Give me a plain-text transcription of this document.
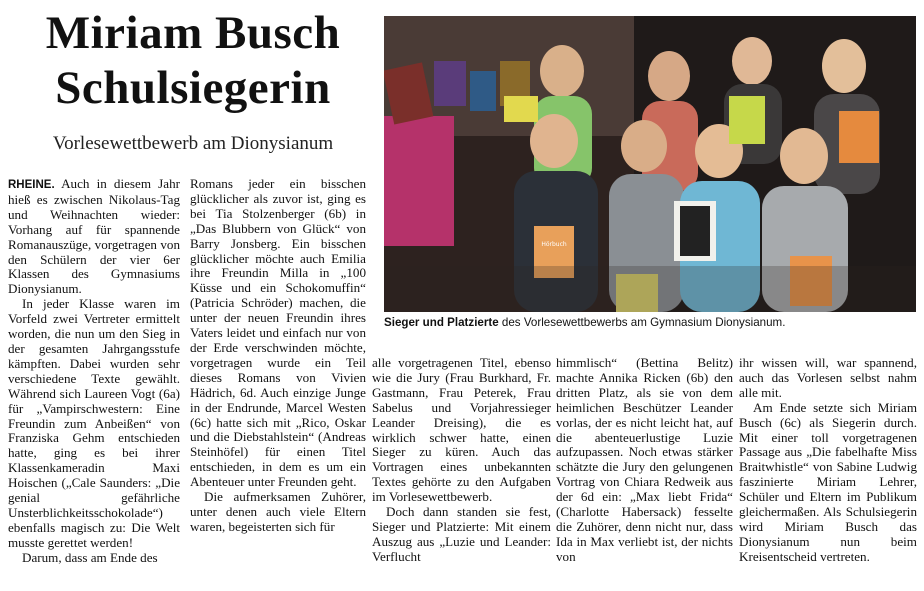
Miriam Busch
Schulsiegerin
Vorlesewettbewerb am Dionysianum

RHEINE. Auch in diesem Jahr hieß es zwischen Nikolaus-Tag und Weihnachten wieder: Vorhang auf für spannende Romanauszüge, vorgetragen von den Schülern der vier 6er Klassen des Gymnasiums Dionysianum.

In jeder Klasse waren im Vorfeld zwei Vertreter ermittelt worden, die nun um den Sieg in der gesamten Jahrgangsstufe kämpften. Dabei wurden sehr verschiedene Texte gewählt. Während sich Laureen Vogt (6a) für „Vampirschwestern: Eine Freundin zum Anbeißen“ von Franziska Gehm entschieden hatte, ging es bei ihrer Klassenkameradin Maxi Hoischen („Cale Saunders: „Die genial gefährliche Unsterblichkeitsschokolade“) ebenfalls magisch zu: Die Welt musste gerettet werden!

Darum, dass am Ende des

Romans jeder ein bisschen glücklicher als zuvor ist, ging es bei Tia Stolzenberger (6b) in „Das Blubbern von Glück“ von Barry Jonsberg. Ein bisschen glücklicher möchte auch Emilia ihre Freundin Milla in „100 Küsse und ein Schokomuffin“ (Patricia Schröder) machen, die unter der neuen Freundin ihres Vaters leidet und einfach nur von der Erde verschwinden möchte, vorgetragen wurde ein Teil dieses Romans von Vivien Hädrich, 6d. Auch einzige Junge in der Endrunde, Marcel Westen (6c) hatte sich mit „Rico, Oskar und die Diebstahlstein“ (Andreas Steinhöfel) für einen Titel entschieden, in dem es um ein Abenteuer unter Freunden geht.

Die aufmerksamen Zuhörer, unter denen auch viele Eltern waren, begeisterten sich für

Hörbuch
Sieger und Platzierte des Vorlesewettbewerbs am Gymnasium Dionysianum.

alle vorgetragenen Titel, ebenso wie die Jury (Frau Burkhard, Fr. Gastmann, Frau Peterek, Frau Sabelus und Vorjahressieger Leander Dreising), die es wirklich schwer hatte, einen Sieger zu küren. Auch das Vortragen eines unbekannten Textes gehörte zu den Aufgaben im Vorlesewettbewerb.

Doch dann standen sie fest, Sieger und Platzierte: Mit einem Auszug aus „Luzie und Leander: Verflucht

himmlisch“ (Bettina Belitz) machte Annika Ricken (6b) den dritten Platz, als sie von dem heimlichen Beschützer Leander vorlas, der es nicht leicht hat, auf die abenteuerlustige Luzie aufzupassen. Noch etwas stärker schätzte die Jury den gelungenen Vortrag von Chiara Redweik aus der 6d ein: „Max liebt Frida“ (Charlotte Habersack) fesselte die Zuhörer, denn nicht nur, dass Ida in Max verliebt ist, der nichts von

ihr wissen will, war spannend, auch das Vorlesen selbst nahm alle mit.

Am Ende setzte sich Miriam Busch (6c) als Siegerin durch. Mit einer toll vorgetragenen Passage aus „Die fabelhafte Miss Braitwhistle“ von Sabine Ludwig faszinierte Miriam Lehrer, Schüler und Eltern im Publikum gleichermaßen. Als Schulsiegerin wird Miriam Busch das Dionysianum nun beim Kreisentscheid vertreten.
